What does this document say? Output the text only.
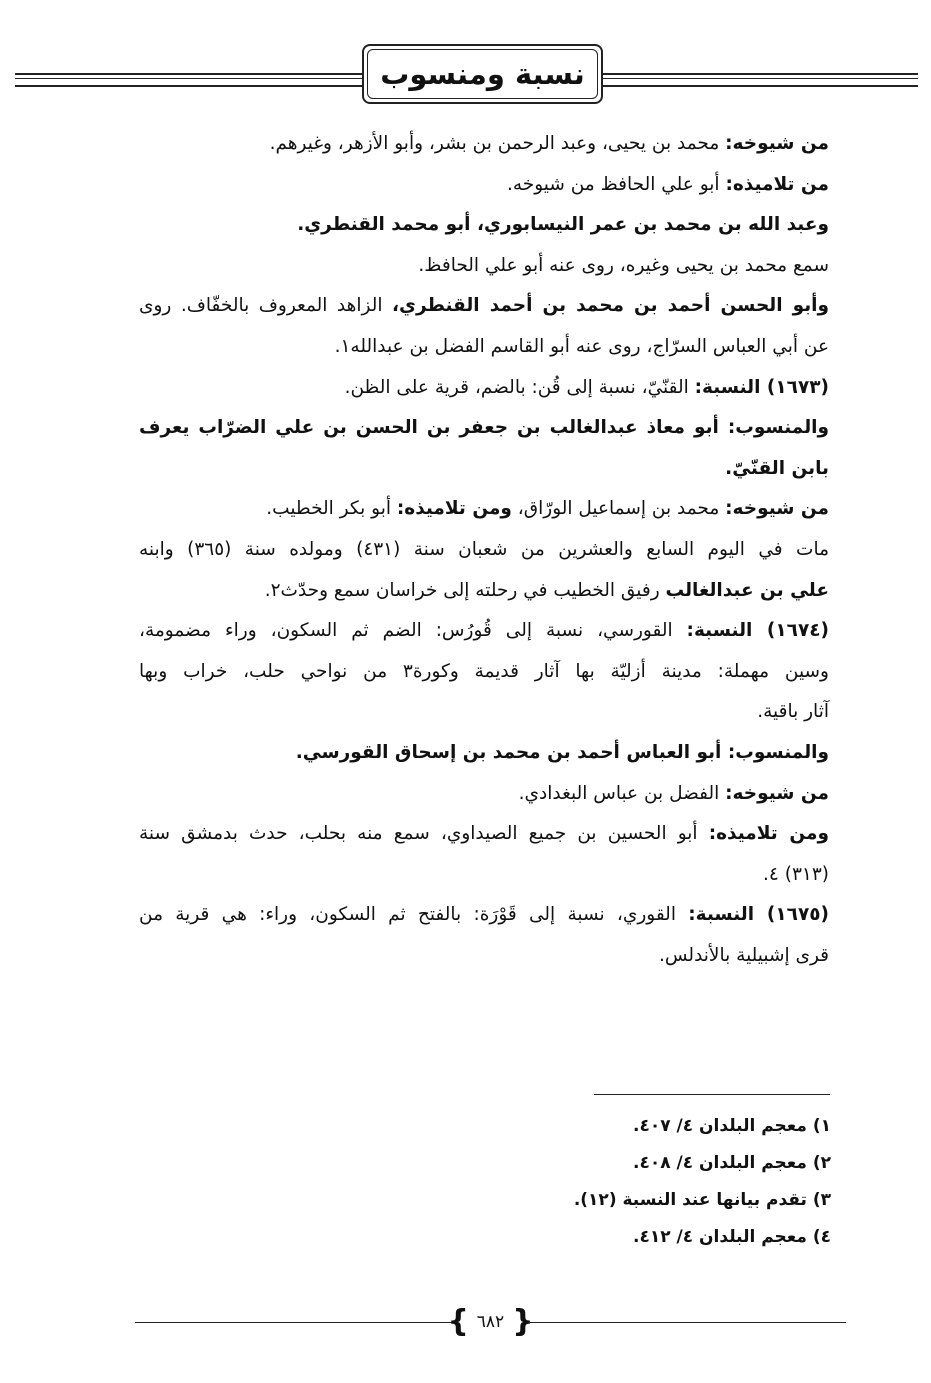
نسبة ومنسوب
من شيوخه: محمد بن يحيى، وعبد الرحمن بن بشر، وأبو الأزهر، وغيرهم.
من تلاميذه: أبو علي الحافظ من شيوخه.
وعبد الله بن محمد بن عمر النيسابوري، أبو محمد القنطري.
سمع محمد بن يحيى وغيره، روى عنه أبو علي الحافظ.
وأبو الحسن أحمد بن محمد بن أحمد القنطري، الزاهد المعروف بالخفّاف. روى
عن أبي العباس السرّاج، روى عنه أبو القاسم الفضل بن عبدالله١.
(١٦٧٣) النسبة: القنّيّ، نسبة إلى قُن: بالضم، قرية على الظن.
والمنسوب: أبو معاذ عبدالغالب بن جعفر بن الحسن بن علي الضرّاب يعرف
بابن القنّيّ.
من شيوخه: محمد بن إسماعيل الورّاق، ومن تلاميذه: أبو بكر الخطيب.
مات في اليوم السابع والعشرين من شعبان سنة (٤٣١) ومولده سنة (٣٦٥) وابنه
علي بن عبدالغالب رفيق الخطيب في رحلته إلى خراسان سمع وحدّث٢.
(١٦٧٤) النسبة: القورسي، نسبة إلى قُورُس: الضم ثم السكون، وراء مضمومة،
وسين مهملة: مدينة أزليّة بها آثار قديمة وكورة٣ من نواحي حلب، خراب وبها
آثار باقية.
والمنسوب: أبو العباس أحمد بن محمد بن إسحاق القورسي.
من شيوخه: الفضل بن عباس البغدادي.
ومن تلاميذه: أبو الحسين بن جميع الصيداوي، سمع منه بحلب، حدث بدمشق سنة
(٣١٣) ٤.
(١٦٧٥) النسبة: القوري، نسبة إلى قَوْرَة: بالفتح ثم السكون، وراء: هي قرية من
قرى إشبيلية بالأندلس.
١) معجم البلدان ٤/ ٤٠٧.
٢) معجم البلدان ٤/ ٤٠٨.
٣) تقدم بيانها عند النسبة (١٢).
٤) معجم البلدان ٤/ ٤١٢.
{
٦٨٢
}
